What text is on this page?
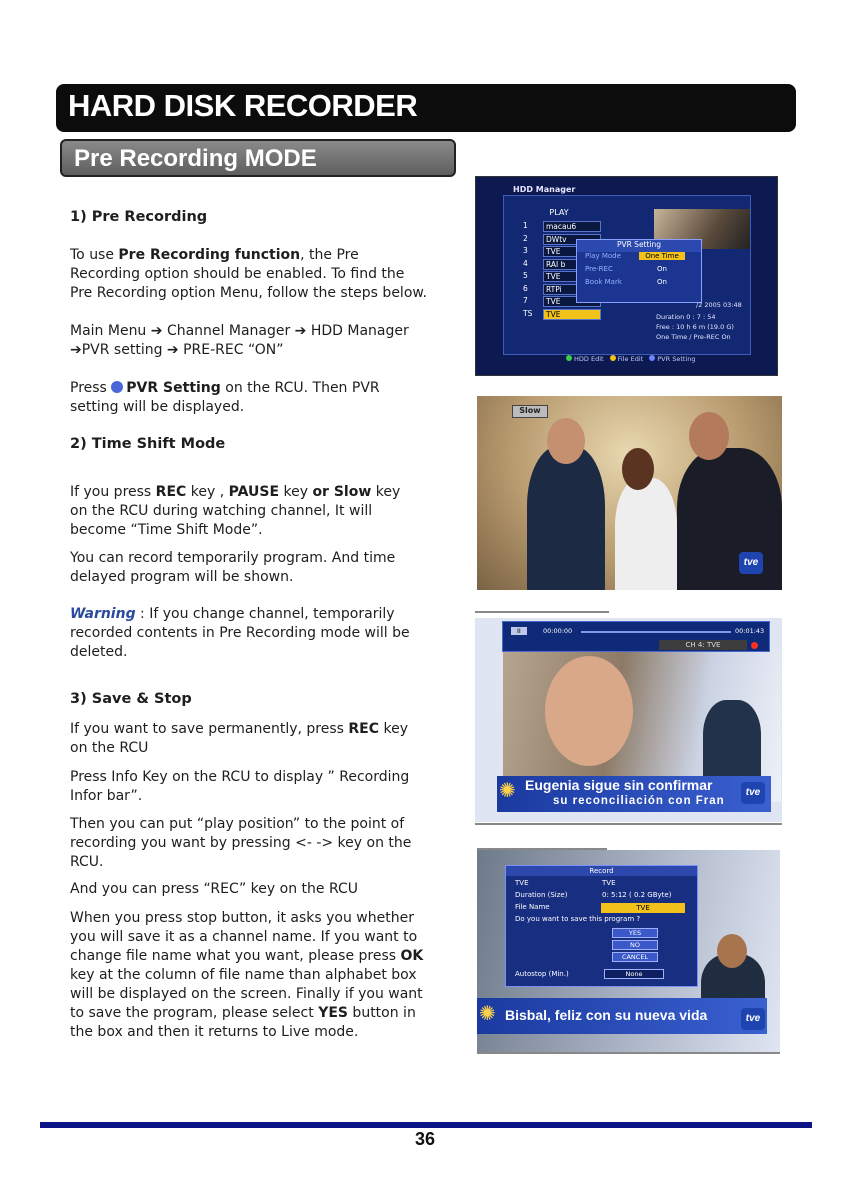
HARD DISK RECORDER
Pre Recording MODE
1) Pre Recording
To use Pre Recording function, the Pre
Recording option should be enabled. To find the
Pre Recording option Menu, follow the steps below.
Main Menu ➔ Channel Manager ➔ HDD Manager
➔PVR setting ➔ PRE-REC “ON”
Press PVR Setting on the RCU. Then PVR
setting will be displayed.
2) Time Shift Mode
If you press REC key , PAUSE key or Slow key
on the RCU during watching channel, It will
become “Time Shift Mode”.
You can record temporarily program. And time
delayed program will be shown.
Warning : If you change channel, temporarily
recorded contents in Pre Recording mode will be
deleted.
3) Save & Stop
If you want to save permanently, press REC key
on the RCU
Press Info Key on the RCU to display ” Recording
Infor bar”.
Then you can put “play position” to the point of
recording you want by pressing <- -> key on the
RCU.
And you can press “REC” key on the RCU
When you press stop button, it asks you whether
you will save it as a channel name. If you want to
change file name what you want, please press OK
key at the column of file name than alphabet box
will be displayed on the screen. Finally if you want
to save the program, please select YES button in
the box and then it returns to Live mode.
HDD Manager
PLAY
1	macau6
2	DWtv
3	TVE
4	RAI b
5	TVE
6	RTPi
7	TVE
TS	TVE
PVR Setting
Play Mode	One Time
Pre-REC	On
Book Mark	On
/2 2005 03:48
Duration 0 : 7 : 54
Free : 10 h 6 m (19.0 G)
One Time / Pre-REC On
HDD Edit File Edit PVR Setting
Slow
tve
II	00:00:00	00:01:43
CH 4: TVE
✺ Eugenia sigue sin confirmar
su reconciliación con Fran
tve
Record
TVE	TVE
Duration (Size)	0: 5:12 ( 0.2 GByte)
File Name	TVE
Do you want to save this program ?
YES
NO
CANCEL
Autostop (Min.)	None
✺ Bisbal, feliz con su nueva vida	tve
36
